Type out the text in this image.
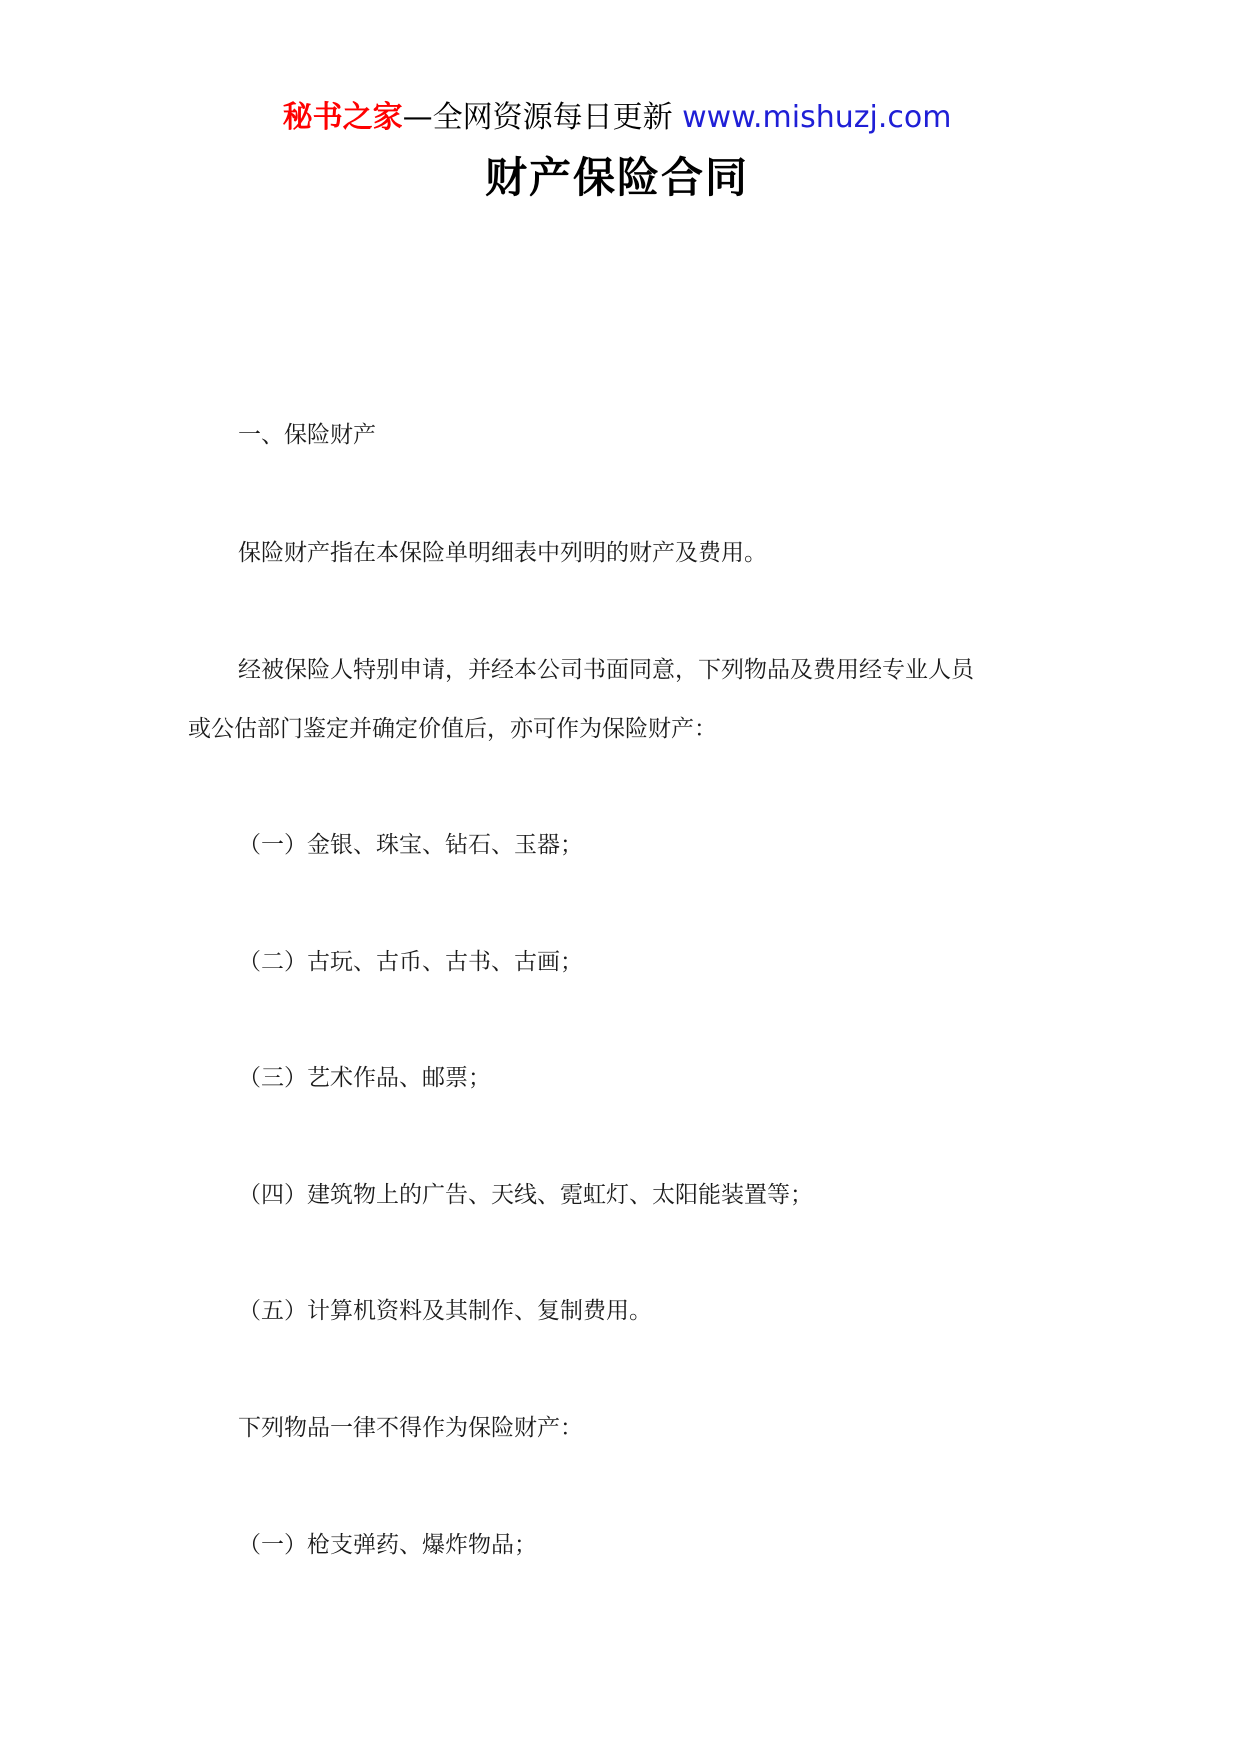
秘书之家—全网资源每日更新 www.mishuzj.com
财产保险合同
一、保险财产
保险财产指在本保险单明细表中列明的财产及费用。
经被保险人特别申请，并经本公司书面同意，下列物品及费用经专业人员
或公估部门鉴定并确定价值后，亦可作为保险财产：
（一）金银、珠宝、钻石、玉器；
（二）古玩、古币、古书、古画；
（三）艺术作品、邮票；
（四）建筑物上的广告、天线、霓虹灯、太阳能装置等；
（五）计算机资料及其制作、复制费用。
下列物品一律不得作为保险财产：
（一）枪支弹药、爆炸物品；
